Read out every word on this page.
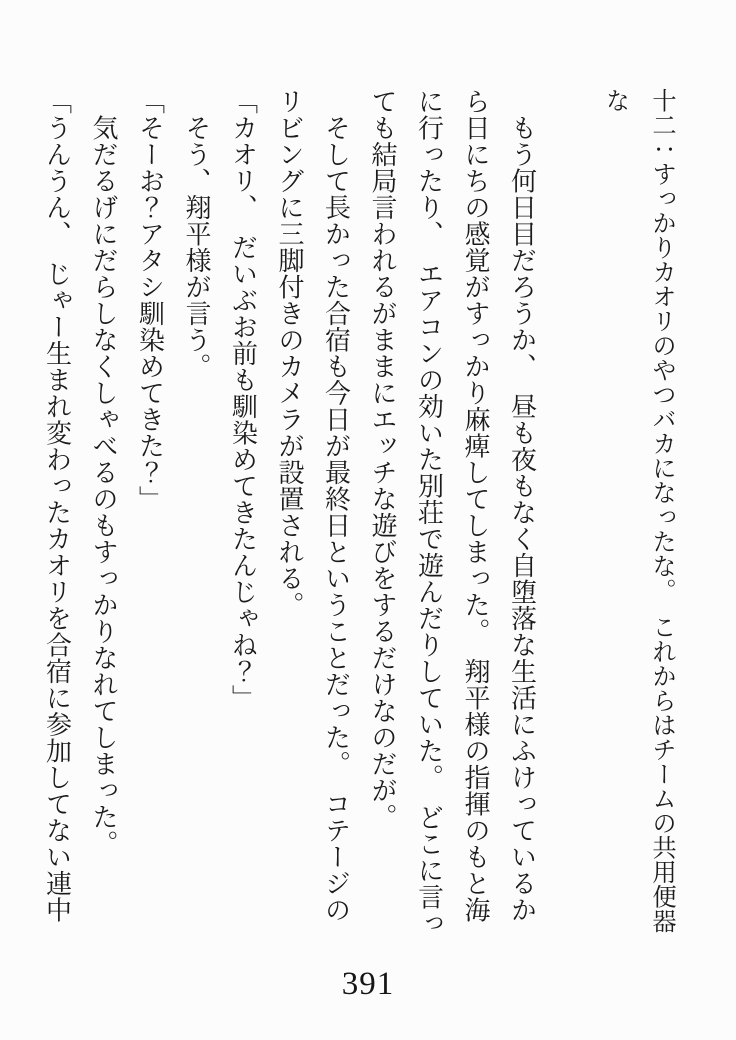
十二：すっかりカオリのやつバカになったな。　これからはチームの共用便器

な

　もう何日目だろうか、　昼も夜もなく自堕落な生活にふけっているか

ら日にちの感覚がすっかり麻痺してしまった。　翔平様の指揮のもと海

に行ったり、　エアコンの効いた別荘で遊んだりしていた。　どこに言っ

ても結局言われるがままにエッチな遊びをするだけなのだが。

　そして長かった合宿も今日が最終日ということだった。　コテージの

リビングに三脚付きのカメラが設置される。

「カオリ、　だいぶお前も馴染めてきたんじゃね？」

　そう、翔平様が言う。

「そーお？アタシ馴染めてきた？」

　気だるげにだらしなくしゃべるのもすっかりなれてしまった。

「うんうん、　じゃー生まれ変わったカオリを合宿に参加してない連中

391
